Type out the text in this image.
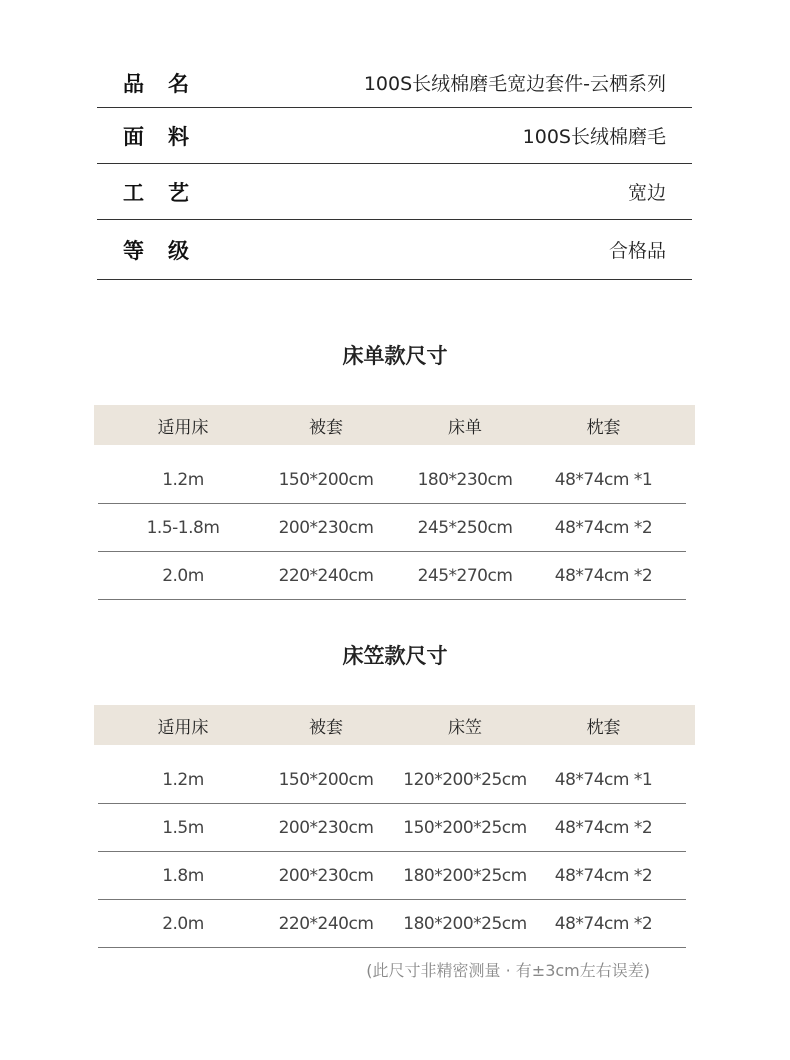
品名	100S长绒棉磨毛宽边套件-云栖系列
面料	100S长绒棉磨毛
工艺	宽边
等级	合格品
床单款尺寸
适用床	被套	床单	枕套
1.2m	150*200cm	180*230cm	48*74cm *1
1.5-1.8m	200*230cm	245*250cm	48*74cm *2
2.0m	220*240cm	245*270cm	48*74cm *2
床笠款尺寸
适用床	被套	床笠	枕套
1.2m	150*200cm	120*200*25cm	48*74cm *1
1.5m	200*230cm	150*200*25cm	48*74cm *2
1.8m	200*230cm	180*200*25cm	48*74cm *2
2.0m	220*240cm	180*200*25cm	48*74cm *2
(此尺寸非精密测量 · 有±3cm左右误差)
